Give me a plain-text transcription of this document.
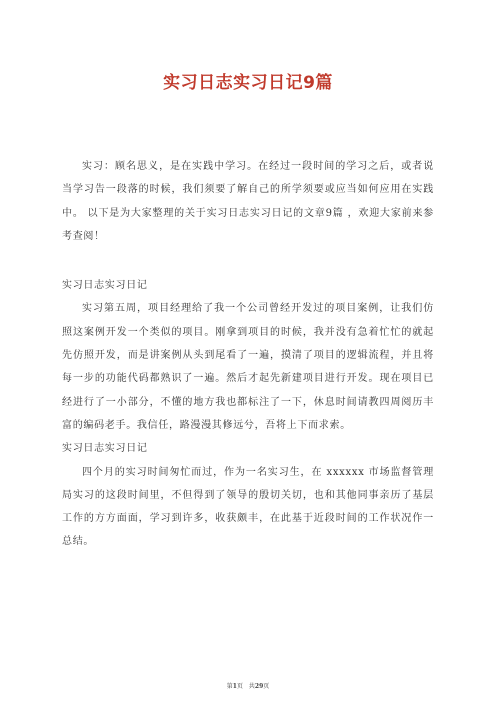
实习日志实习日记9篇

实习：顾名思义，是在实践中学习。在经过一段时间的学习之后，或者说当学习告一段落的时候，我们须要了解自己的所学须要或应当如何应用在实践中。 以下是为大家整理的关于实习日志实习日记的文章9篇 ，欢迎大家前来参考查阅！

实习日志实习日记

实习第五周，项目经理给了我一个公司曾经开发过的项目案例，让我们仿照这案例开发一个类似的项目。刚拿到项目的时候，我并没有急着忙忙的就起先仿照开发，而是讲案例从头到尾看了一遍，摸清了项目的逻辑流程，并且将每一步的功能代码都熟识了一遍。然后才起先新建项目进行开发。现在项目已经进行了一小部分，不懂的地方我也都标注了一下，休息时间请教四周阅历丰富的编码老手。我信任，路漫漫其修远兮，吾将上下而求索。

实习日志实习日记

四个月的实习时间匆忙而过，作为一名实习生，在 xxxxxx 市场监督管理局实习的这段时间里，不但得到了领导的殷切关切，也和其他同事亲历了基层工作的方方面面，学习到许多，收获颇丰，在此基于近段时间的工作状况作一总结。

第1页　共29页
